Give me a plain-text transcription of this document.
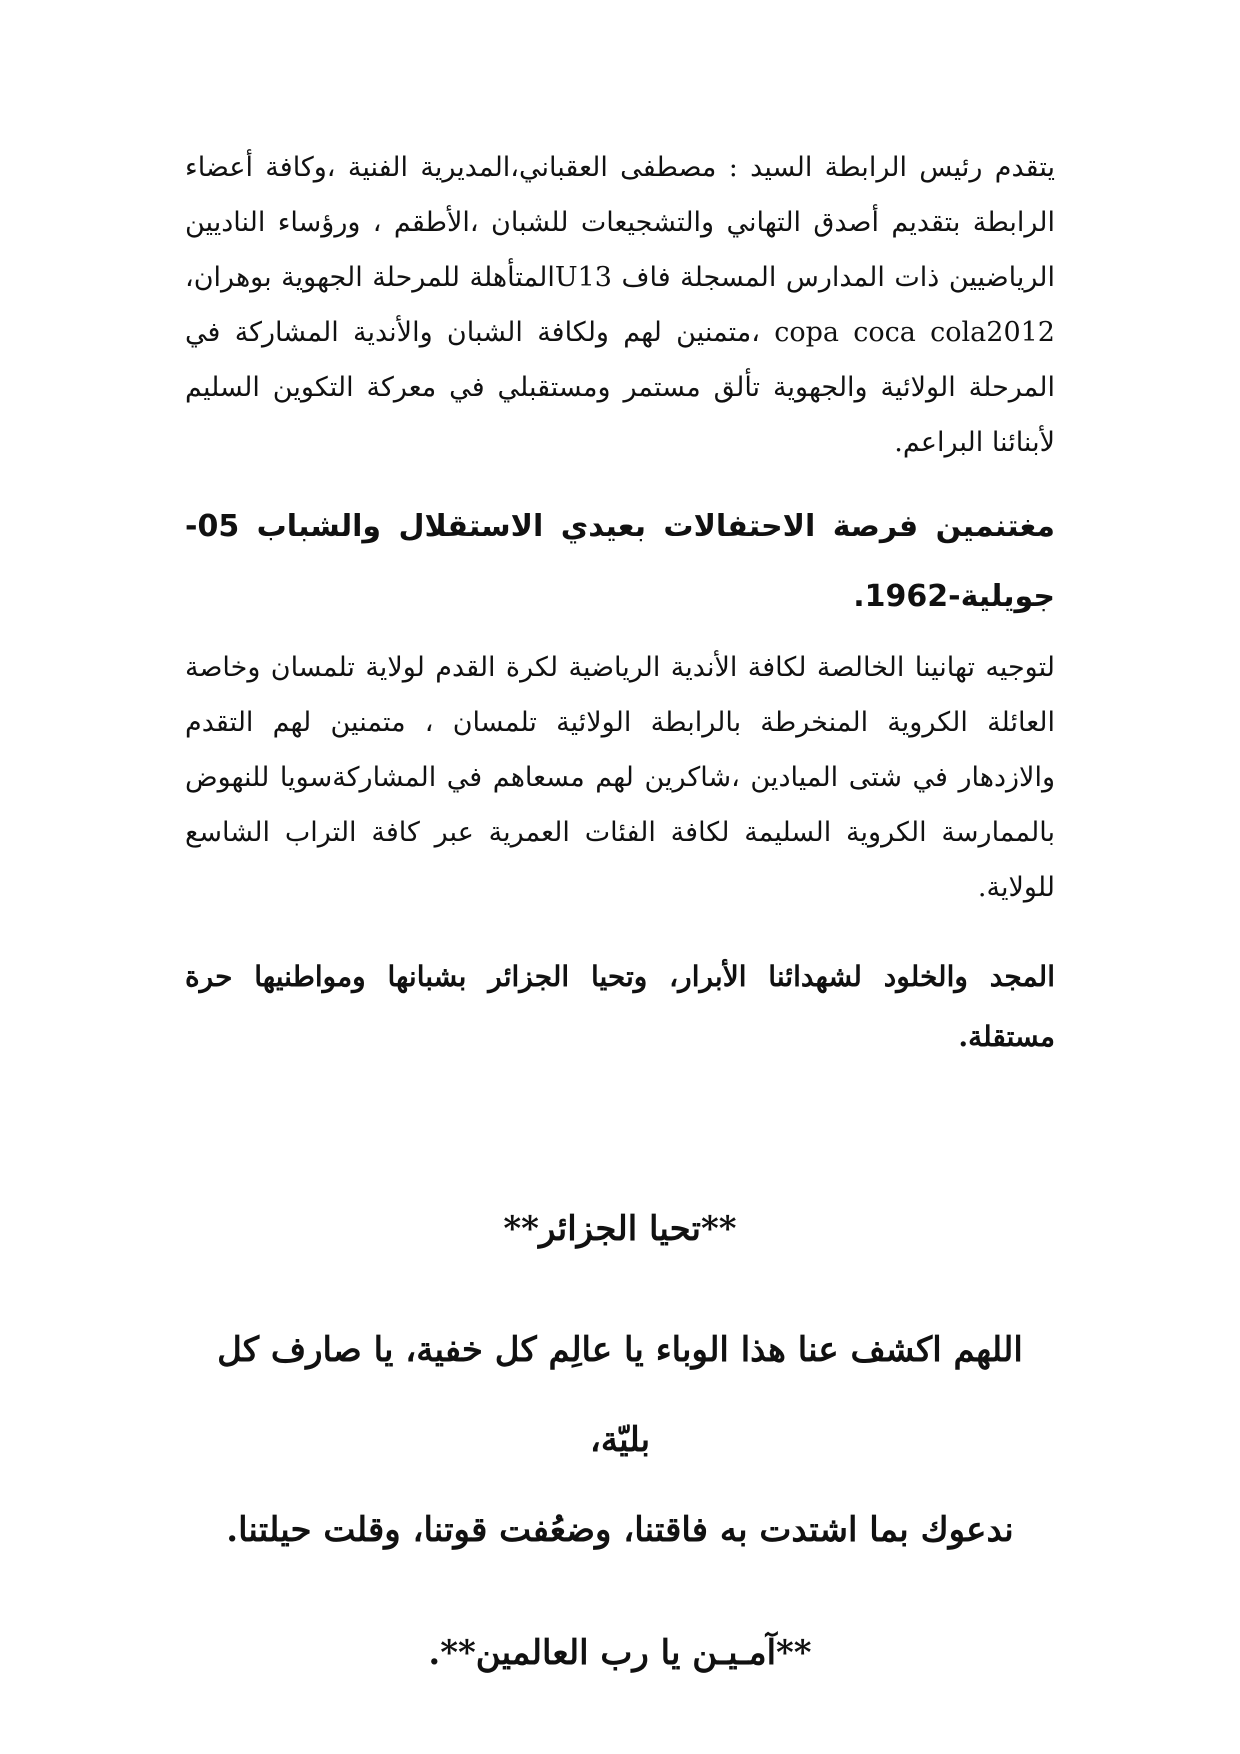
يتقدم رئيس الرابطة السيد : مصطفى العقباني،المديرية الفنية ،وكافة أعضاء الرابطة بتقديم أصدق التهاني والتشجيعات للشبان ،الأطقم ، ورؤساء الناديين الرياضيين ذات المدارس المسجلة فاف U13المتأهلة للمرحلة الجهوية بوهران، copa coca cola2012 ،متمنين لهم ولكافة الشبان والأندية المشاركة في المرحلة الولائية والجهوية تألق مستمر ومستقبلي في معركة التكوين السليم لأبنائنا البراعم.

مغتنمين فرصة الاحتفالات بعيدي الاستقلال والشباب 05-جويلية-1962.

لتوجيه تهانينا الخالصة لكافة الأندية الرياضية لكرة القدم لولاية تلمسان وخاصة العائلة الكروية المنخرطة بالرابطة الولائية تلمسان ، متمنين لهم التقدم والازدهار في شتى الميادين ،شاكرين لهم مسعاهم في المشاركةسويا للنهوض بالممارسة الكروية السليمة لكافة الفئات العمرية عبر كافة التراب الشاسع للولاية.

المجد والخلود لشهدائنا الأبرار، وتحيا الجزائر بشبانها ومواطنيها حرة مستقلة.

**تحيا الجزائر**

اللهم اكشف عنا هذا الوباء يا عالِم كل خفية، يا صارف كل بليّة،
ندعوك بما اشتدت به فاقتنا، وضعُفت قوتنا، وقلت حيلتنا.

**آمـيـن يا رب العالمين**.
